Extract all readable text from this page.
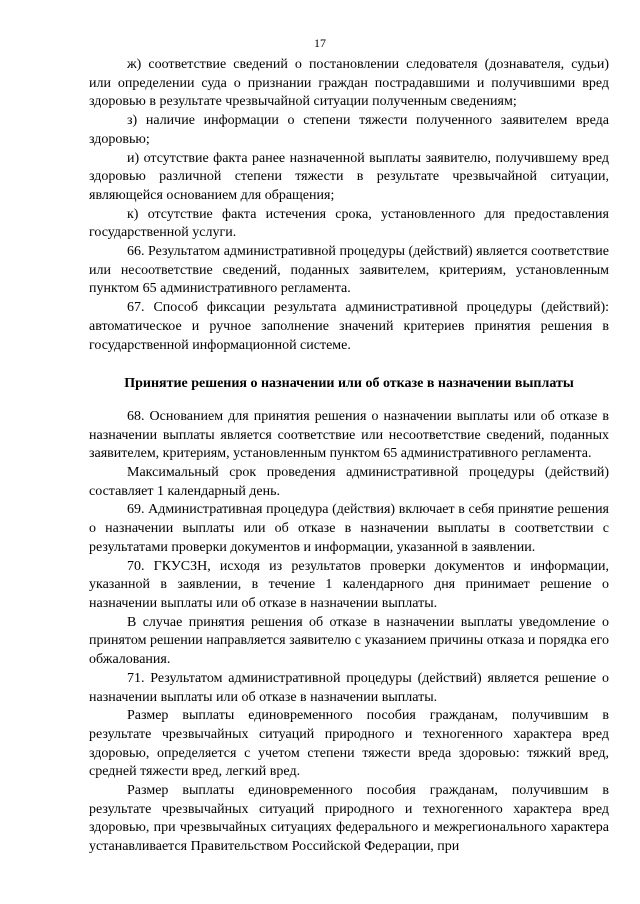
17

ж) соответствие сведений о постановлении следователя (дознавателя, судьи) или определении суда о признании граждан пострадавшими и получившими вред здоровью в результате чрезвычайной ситуации полученным сведениям;

з) наличие информации о степени тяжести полученного заявителем вреда здоровью;

и) отсутствие факта ранее назначенной выплаты заявителю, получившему вред здоровью различной степени тяжести в результате чрезвычайной ситуации, являющейся основанием для обращения;

к) отсутствие факта истечения срока, установленного для предоставления государственной услуги.

66. Результатом административной процедуры (действий) является соответствие или несоответствие сведений, поданных заявителем, критериям, установленным пунктом 65 административного регламента.

67. Способ фиксации результата административной процедуры (действий): автоматическое и ручное заполнение значений критериев принятия решения в государственной информационной системе.

Принятие решения о назначении или об отказе в назначении выплаты

68. Основанием для принятия решения о назначении выплаты или об отказе в назначении выплаты является соответствие или несоответствие сведений, поданных заявителем, критериям, установленным пунктом 65 административного регламента.

Максимальный срок проведения административной процедуры (действий) составляет 1 календарный день.

69. Административная процедура (действия) включает в себя принятие решения о назначении выплаты или об отказе в назначении выплаты в соответствии с результатами проверки документов и информации, указанной в заявлении.

70. ГКУСЗН, исходя из результатов проверки документов и информации, указанной в заявлении, в течение 1 календарного дня принимает решение о назначении выплаты или об отказе в назначении выплаты.

В случае принятия решения об отказе в назначении выплаты уведомление о принятом решении направляется заявителю с указанием причины отказа и порядка его обжалования.

71. Результатом административной процедуры (действий) является решение о назначении выплаты или об отказе в назначении выплаты.

Размер выплаты единовременного пособия гражданам, получившим в результате чрезвычайных ситуаций природного и техногенного характера вред здоровью, определяется с учетом степени тяжести вреда здоровью: тяжкий вред, средней тяжести вред, легкий вред.

Размер выплаты единовременного пособия гражданам, получившим в результате чрезвычайных ситуаций природного и техногенного характера вред здоровью, при чрезвычайных ситуациях федерального и межрегионального характера устанавливается Правительством Российской Федерации, при
